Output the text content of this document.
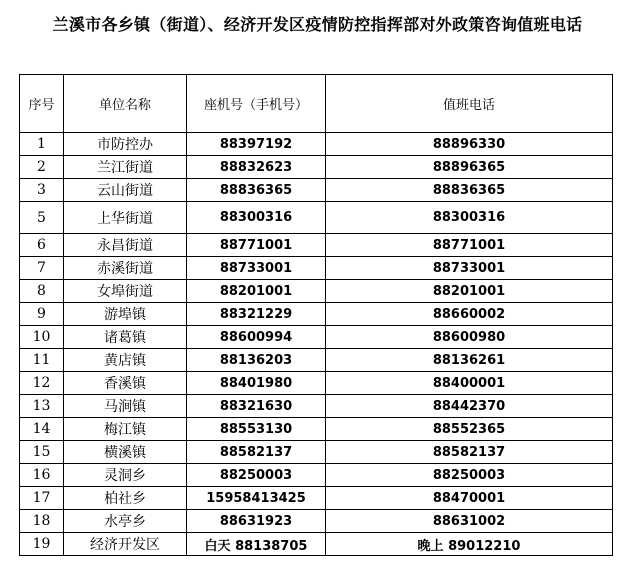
兰溪市各乡镇（街道）、经济开发区疫情防控指挥部对外政策咨询值班电话
序号	单位名称	座机号（手机号）	值班电话
1	市防控办	88397192	88896330
2	兰江街道	88832623	88896365
3	云山街道	88836365	88836365
5	上华街道	88300316	88300316
6	永昌街道	88771001	88771001
7	赤溪街道	88733001	88733001
8	女埠街道	88201001	88201001
9	游埠镇	88321229	88660002
10	诸葛镇	88600994	88600980
11	黄店镇	88136203	88136261
12	香溪镇	88401980	88400001
13	马涧镇	88321630	88442370
14	梅江镇	88553130	88552365
15	横溪镇	88582137	88582137
16	灵洞乡	88250003	88250003
17	柏社乡	15958413425	88470001
18	水亭乡	88631923	88631002
19	经济开发区	白天 88138705	晚上 89012210
